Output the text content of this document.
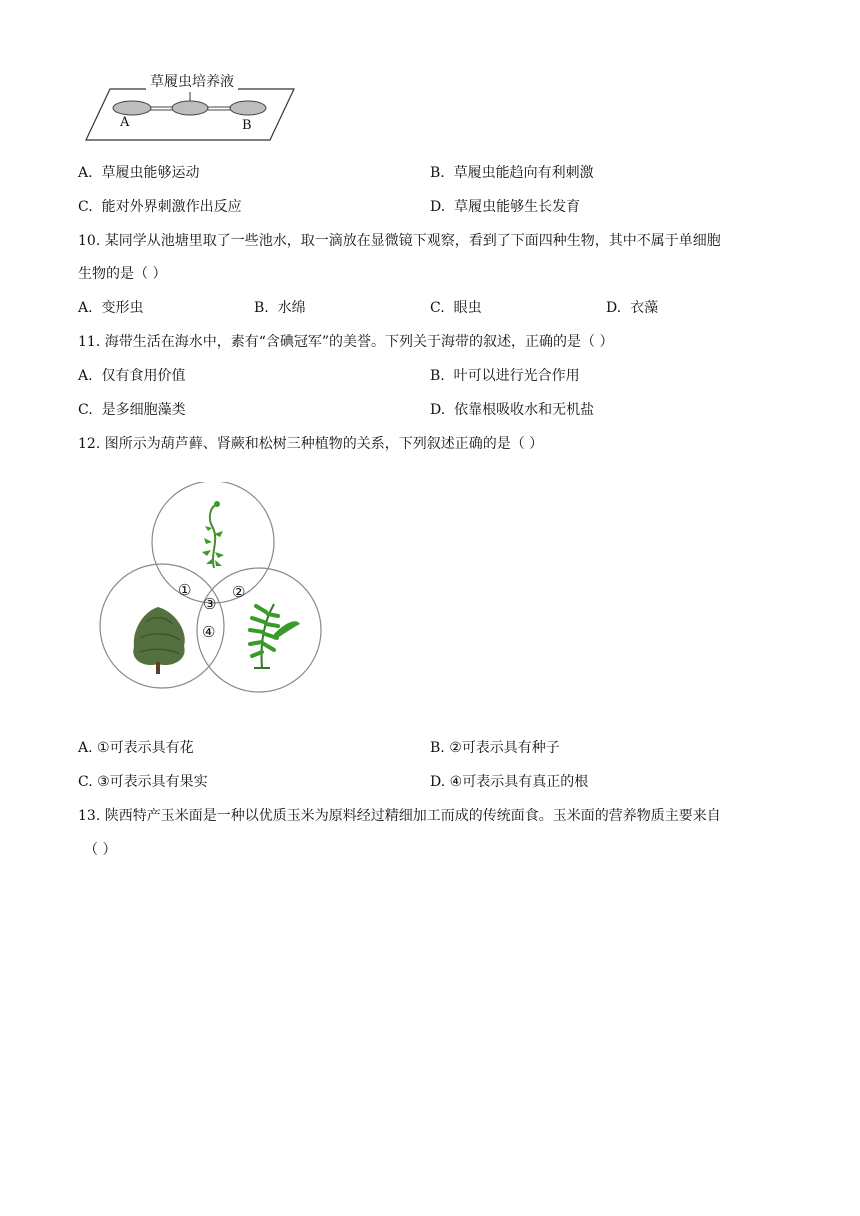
草履虫培养液
A	B
A. 草履虫能够运动	B. 草履虫能趋向有利刺激
C. 能对外界刺激作出反应	D. 草履虫能够生长发育
10. 某同学从池塘里取了一些池水，取一滴放在显微镜下观察，看到了下面四种生物，其中不属于单细胞
生物的是（ ）
A. 变形虫	B. 水绵	C. 眼虫	D. 衣藻
11. 海带生活在海水中，素有“含碘冠军”的美誉。下列关于海带的叙述，正确的是（ ）
A. 仅有食用价值	B. 叶可以进行光合作用
C. 是多细胞藻类	D. 依靠根吸收水和无机盐
12. 图所示为葫芦藓、肾蕨和松树三种植物的关系，下列叙述正确的是（ ）
①	②
③
④
A. ①可表示具有花	B. ②可表示具有种子
C. ③可表示具有果实	D. ④可表示具有真正的根
13. 陕西特产玉米面是一种以优质玉米为原料经过精细加工而成的传统面食。玉米面的营养物质主要来自
（ ）
